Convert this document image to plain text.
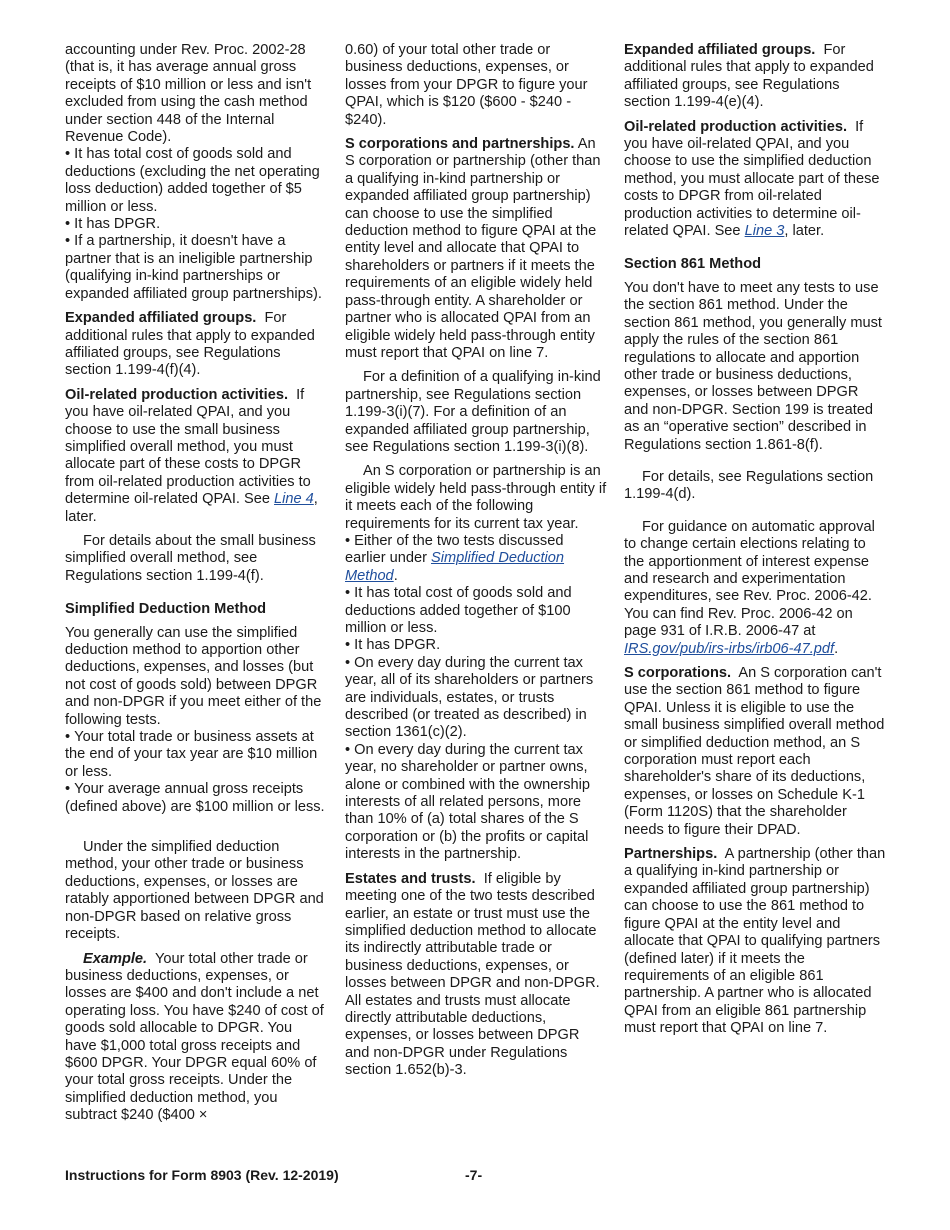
accounting under Rev. Proc. 2002-28 (that is, it has average annual gross receipts of $10 million or less and isn't excluded from using the cash method under section 448 of the Internal Revenue Code).

• It has total cost of goods sold and deductions (excluding the net operating loss deduction) added together of $5 million or less.

• It has DPGR.

• If a partnership, it doesn't have a partner that is an ineligible partnership (qualifying in-kind partnerships or expanded affiliated group partnerships).

Expanded affiliated groups. For additional rules that apply to expanded affiliated groups, see Regulations section 1.199-4(f)(4).

Oil-related production activities. If you have oil-related QPAI, and you choose to use the small business simplified overall method, you must allocate part of these costs to DPGR from oil-related production activities to determine oil-related QPAI. See Line 4, later.

For details about the small business simplified overall method, see Regulations section 1.199-4(f).

Simplified Deduction Method

You generally can use the simplified deduction method to apportion other deductions, expenses, and losses (but not cost of goods sold) between DPGR and non-DPGR if you meet either of the following tests.

• Your total trade or business assets at the end of your tax year are $10 million or less.

• Your average annual gross receipts (defined above) are $100 million or less.

Under the simplified deduction method, your other trade or business deductions, expenses, or losses are ratably apportioned between DPGR and non-DPGR based on relative gross receipts.

Example. Your total other trade or business deductions, expenses, or losses are $400 and don't include a net operating loss. You have $240 of cost of goods sold allocable to DPGR. You have $1,000 total gross receipts and $600 DPGR. Your DPGR equal 60% of your total gross receipts. Under the simplified deduction method, you subtract $240 ($400 ×

0.60) of your total other trade or business deductions, expenses, or losses from your DPGR to figure your QPAI, which is $120 ($600 - $240 - $240).

S corporations and partnerships. An S corporation or partnership (other than a qualifying in-kind partnership or expanded affiliated group partnership) can choose to use the simplified deduction method to figure QPAI at the entity level and allocate that QPAI to shareholders or partners if it meets the requirements of an eligible widely held pass-through entity. A shareholder or partner who is allocated QPAI from an eligible widely held pass-through entity must report that QPAI on line 7.

For a definition of a qualifying in-kind partnership, see Regulations section 1.199-3(i)(7). For a definition of an expanded affiliated group partnership, see Regulations section 1.199-3(i)(8).

An S corporation or partnership is an eligible widely held pass-through entity if it meets each of the following requirements for its current tax year.

• Either of the two tests discussed earlier under Simplified Deduction Method.

• It has total cost of goods sold and deductions added together of $100 million or less.

• It has DPGR.

• On every day during the current tax year, all of its shareholders or partners are individuals, estates, or trusts described (or treated as described) in section 1361(c)(2).

• On every day during the current tax year, no shareholder or partner owns, alone or combined with the ownership interests of all related persons, more than 10% of (a) total shares of the S corporation or (b) the profits or capital interests in the partnership.

Estates and trusts. If eligible by meeting one of the two tests described earlier, an estate or trust must use the simplified deduction method to allocate its indirectly attributable trade or business deductions, expenses, or losses between DPGR and non-DPGR. All estates and trusts must allocate directly attributable deductions, expenses, or losses between DPGR and non-DPGR under Regulations section 1.652(b)-3.

Expanded affiliated groups. For additional rules that apply to expanded affiliated groups, see Regulations section 1.199-4(e)(4).

Oil-related production activities. If you have oil-related QPAI, and you choose to use the simplified deduction method, you must allocate part of these costs to DPGR from oil-related production activities to determine oil-related QPAI. See Line 3, later.

Section 861 Method

You don't have to meet any tests to use the section 861 method. Under the section 861 method, you generally must apply the rules of the section 861 regulations to allocate and apportion other trade or business deductions, expenses, or losses between DPGR and non-DPGR. Section 199 is treated as an “operative section” described in Regulations section 1.861-8(f).

For details, see Regulations section 1.199-4(d).

For guidance on automatic approval to change certain elections relating to the apportionment of interest expense and research and experimentation expenditures, see Rev. Proc. 2006-42. You can find Rev. Proc. 2006-42 on page 931 of I.R.B. 2006-47 at IRS.gov/pub/irs-irbs/irb06-47.pdf.

S corporations. An S corporation can't use the section 861 method to figure QPAI. Unless it is eligible to use the small business simplified overall method or simplified deduction method, an S corporation must report each shareholder's share of its deductions, expenses, or losses on Schedule K-1 (Form 1120S) that the shareholder needs to figure their DPAD.

Partnerships. A partnership (other than a qualifying in-kind partnership or expanded affiliated group partnership) can choose to use the 861 method to figure QPAI at the entity level and allocate that QPAI to qualifying partners (defined later) if it meets the requirements of an eligible 861 partnership. A partner who is allocated QPAI from an eligible 861 partnership must report that QPAI on line 7.

Instructions for Form 8903 (Rev. 12-2019)	-7-
